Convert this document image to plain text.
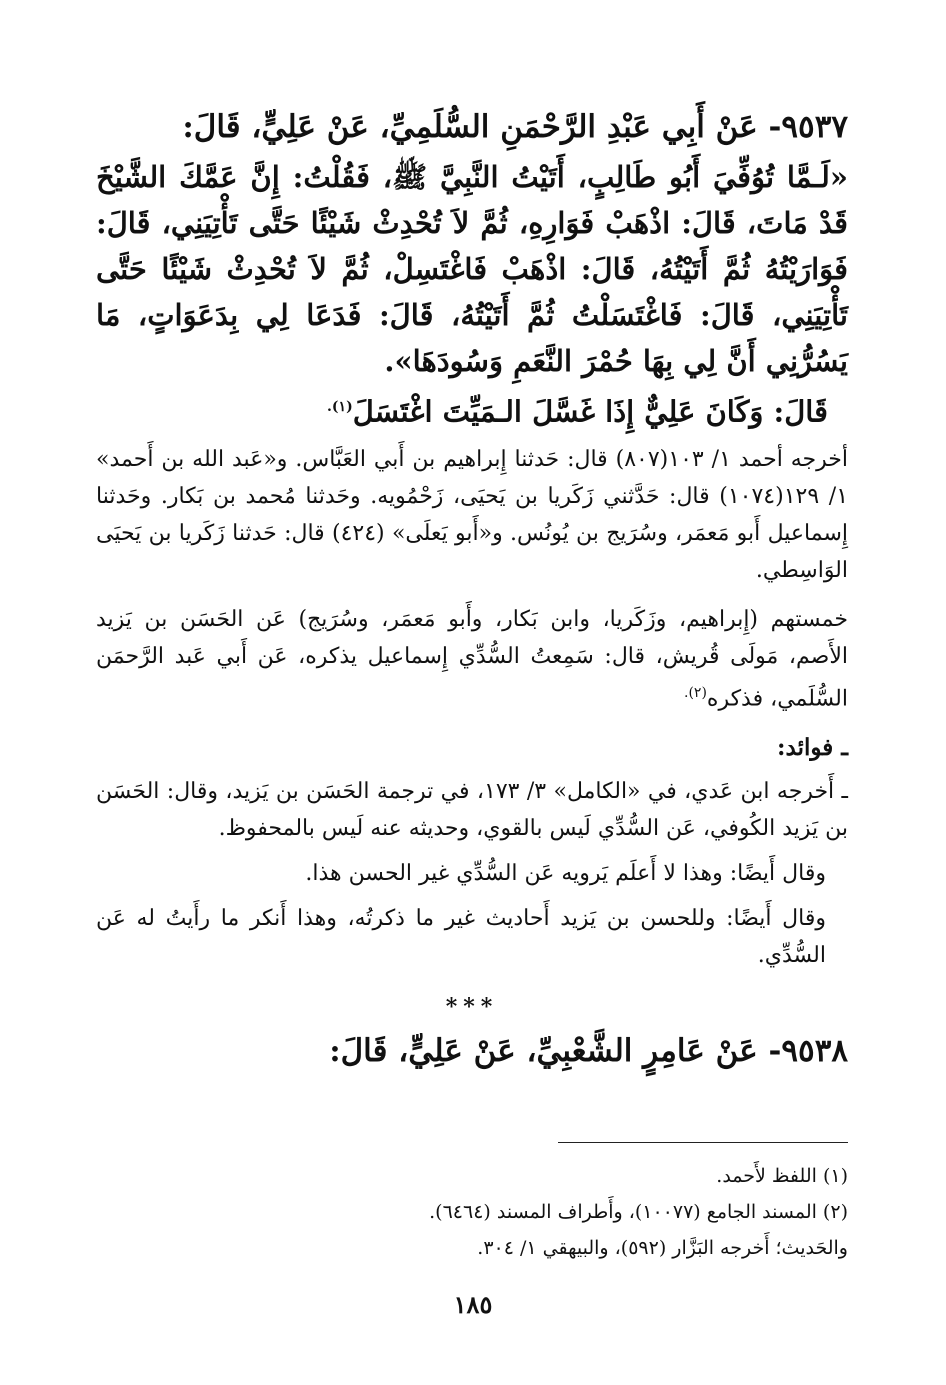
٩٥٣٧- عَنْ أَبِي عَبْدِ الرَّحْمَنِ السُّلَمِيِّ، عَنْ عَلِيٍّ، قَالَ:

«لَـمَّا تُوُفِّيَ أَبُو طَالِبٍ، أَتَيْتُ النَّبِيَّ ﷺ، فَقُلْتُ: إِنَّ عَمَّكَ الشَّيْخَ قَدْ مَاتَ، قَالَ: اذْهَبْ فَوَارِهِ، ثُمَّ لاَ تُحْدِثْ شَيْئًا حَتَّى تَأْتِيَنِي، قَالَ: فَوَارَيْتُهُ ثُمَّ أَتَيْتُهُ، قَالَ: اذْهَبْ فَاغْتَسِلْ، ثُمَّ لاَ تُحْدِثْ شَيْئًا حَتَّى تَأْتِيَنِي، قَالَ: فَاغْتَسَلْتُ ثُمَّ أَتَيْتُهُ، قَالَ: فَدَعَا لِي بِدَعَوَاتٍ، مَا يَسُرُّنِي أَنَّ لِي بِهَا حُمْرَ النَّعَمِ وَسُودَهَا».

قَالَ: وَكَانَ عَلِيٌّ إِذَا غَسَّلَ الـمَيِّتَ اغْتَسَلَ$^{(١).}$

أخرجه أحمد ١/ ١٠٣(٨٠٧) قال: حَدثنا إِبراهيم بن أَبي العَبَّاس. و«عَبد الله بن أَحمد» ١/ ١٢٩(١٠٧٤) قال: حَدَّثني زَكَريا بن يَحيَى، زَحْمُويه. وحَدثنا مُحمد بن بَكار. وحَدثنا إِسماعيل أَبو مَعمَر، وسُرَيج بن يُونُس. و«أَبو يَعلَى» (٤٢٤) قال: حَدثنا زَكَريا بن يَحيَى الوَاسِطي.

خمستهم (إِبراهيم، وزَكَريا، وابن بَكار، وأَبو مَعمَر، وسُرَيج) عَن الحَسَن بن يَزيد الأَصم، مَولَى قُريش، قال: سَمِعتُ السُّدِّي إِسماعيل يذكره، عَن أَبي عَبد الرَّحمَن السُّلَمي، فذكره$^{(٢).}$

ـ فوائد:

ـ أَخرجه ابن عَدي، في «الكامل» ٣/ ١٧٣، في ترجمة الحَسَن بن يَزيد، وقال: الحَسَن بن يَزيد الكُوفي، عَن السُّدِّي لَيس بالقوي، وحديثه عنه لَيس بالمحفوظ.

وقال أَيضًا: وهذا لا أَعلَم يَرويه عَن السُّدِّي غير الحسن هذا.

وقال أَيضًا: وللحسن بن يَزيد أَحاديث غير ما ذكرتُه، وهذا أَنكر ما رأَيتُ له عَن السُّدِّي.

***

٩٥٣٨- عَنْ عَامِرٍ الشَّعْبِيِّ، عَنْ عَلِيٍّ، قَالَ:

(١) اللفظ لأَحمد.

(٢) المسند الجامع (١٠٠٧٧)، وأَطراف المسند (٦٤٦٤).

والحَديث؛ أَخرجه البَزَّار (٥٩٢)، والبيهقي ١/ ٣٠٤.

١٨٥
